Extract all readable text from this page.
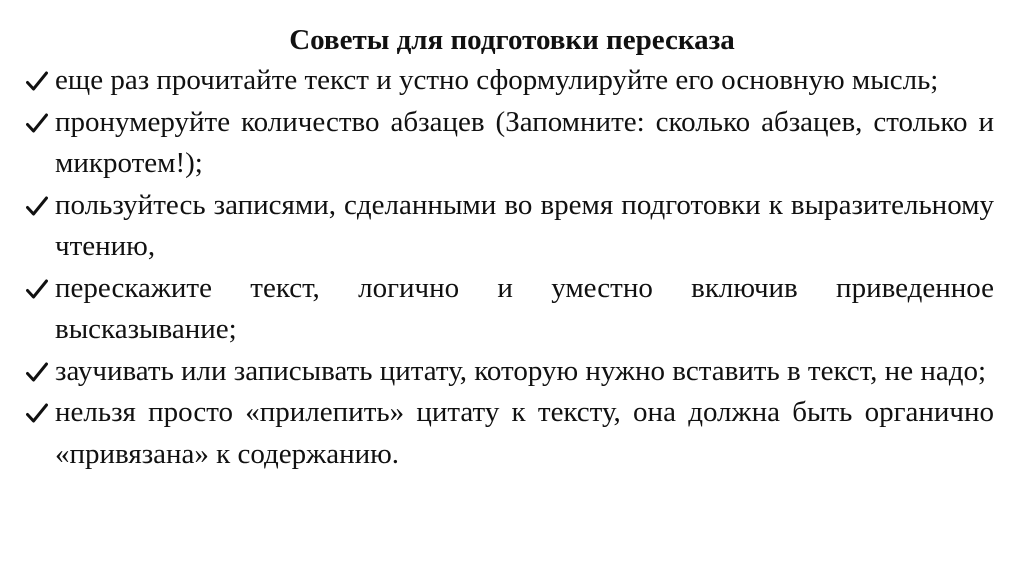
Советы для подготовки пересказа
еще раз прочитайте текст и устно сформулируйте его основную мысль;
пронумеруйте количество абзацев (Запомните: сколько абзацев, столько и микротем!);
пользуйтесь записями, сделанными во время подготовки к выразительному чтению,
перескажите текст, логично и уместно включив приведенное высказывание;
заучивать или записывать цитату, которую нужно вставить в текст, не надо;
нельзя просто «прилепить» цитату к тексту, она должна быть органично «привязана» к содержанию.
